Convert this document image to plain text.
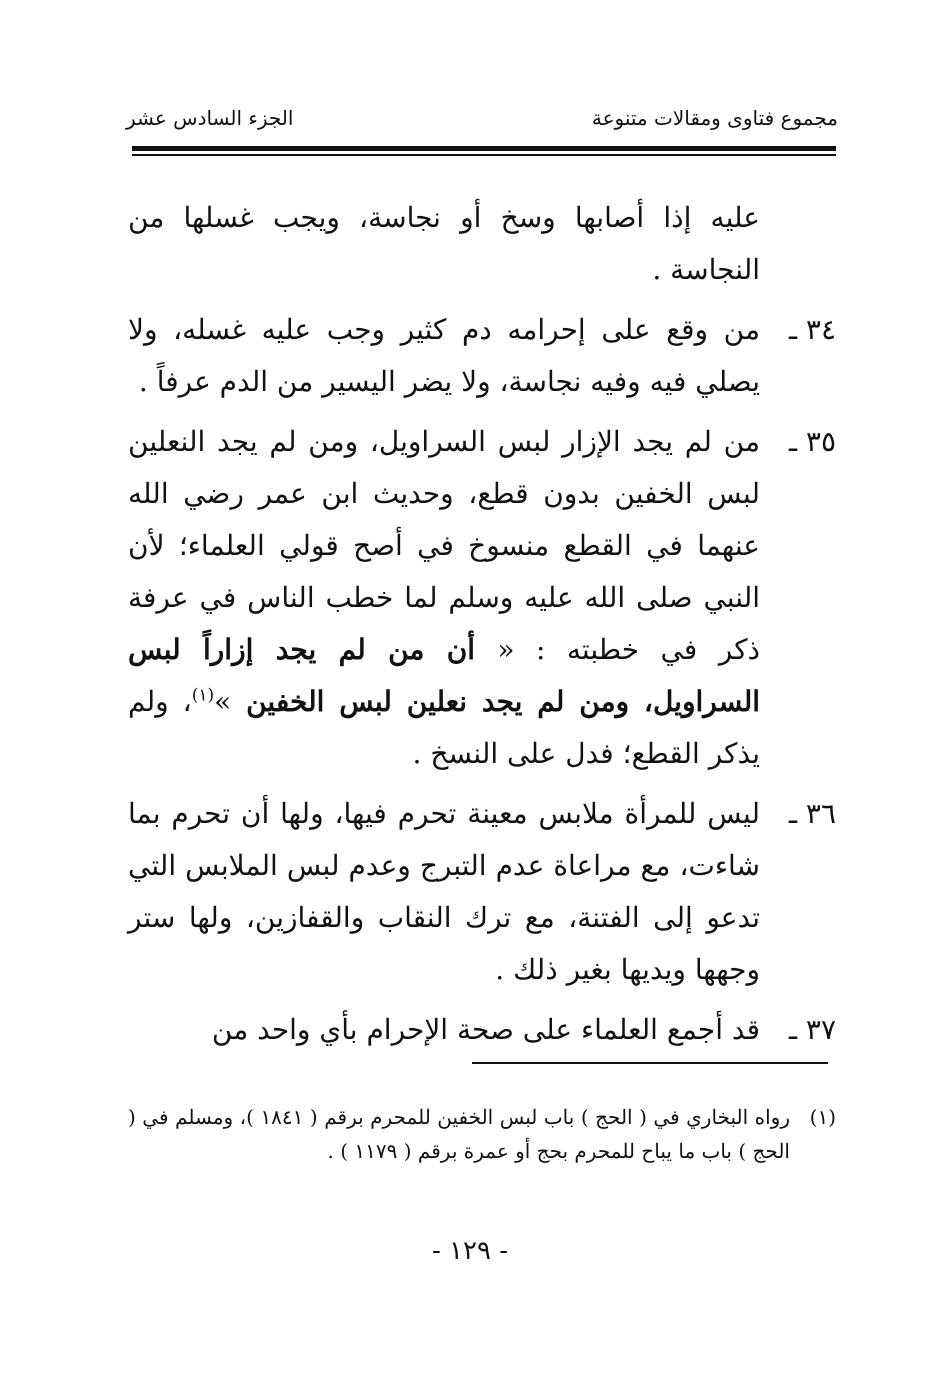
مجموع فتاوى ومقالات متنوعة
الجزء السادس عشر

عليه إذا أصابها وسخ أو نجاسة، ويجب غسلها من النجاسة .

٣٤ ـ
من وقع على إحرامه دم كثير وجب عليه غسله، ولا يصلي فيه وفيه نجاسة، ولا يضر اليسير من الدم عرفاً .
٣٥ ـ
من لم يجد الإزار لبس السراويل، ومن لم يجد النعلين لبس الخفين بدون قطع، وحديث ابن عمر رضي الله عنهما في القطع منسوخ في أصح قولي العلماء؛ لأن النبي صلى الله عليه وسلم لما خطب الناس في عرفة ذكر في خطبته : « أن من لم يجد إزاراً لبس السراويل، ومن لم يجد نعلين لبس الخفين »$^{(١)}$، ولم يذكر القطع؛ فدل على النسخ .
٣٦ ـ
ليس للمرأة ملابس معينة تحرم فيها، ولها أن تحرم بما شاءت، مع مراعاة عدم التبرج وعدم لبس الملابس التي تدعو إلى الفتنة، مع ترك النقاب والقفازين، ولها ستر وجهها ويديها بغير ذلك .
٣٧ ـ
قد أجمع العلماء على صحة الإحرام بأي واحد من
(١)
رواه البخاري في ( الحج ) باب لبس الخفين للمحرم برقم ( ١٨٤١ )، ومسلم في ( الحج ) باب ما يباح للمحرم بحج أو عمرة برقم ( ١١٧٩ ) .
- ١٢٩ -
